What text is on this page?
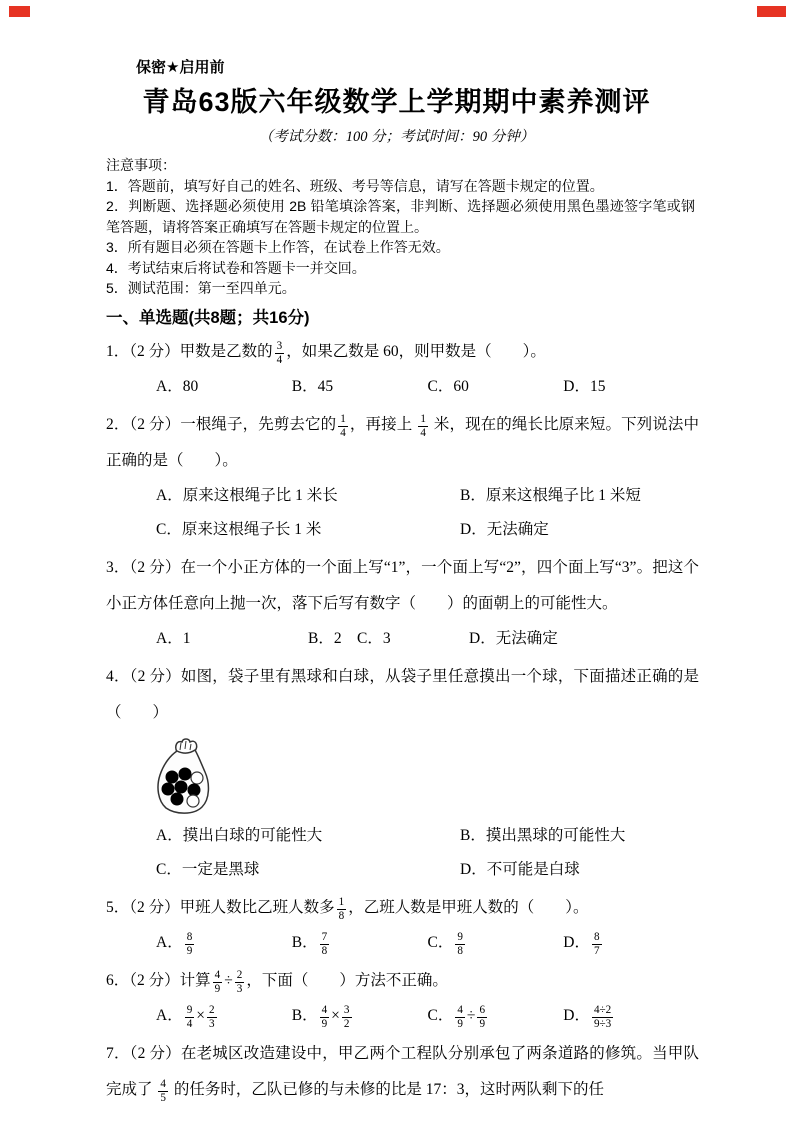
保密★启用前
青岛63版六年级数学上学期期中素养测评
（考试分数：100 分；考试时间：90 分钟）
注意事项：
1．答题前，填写好自己的姓名、班级、考号等信息，请写在答题卡规定的位置。
2．判断题、选择题必须使用 2B 铅笔填涂答案，非判断、选择题必须使用黑色墨迹签字笔或钢笔答题，请将答案正确填写在答题卡规定的位置上。
3．所有题目必须在答题卡上作答，在试卷上作答无效。
4．考试结束后将试卷和答题卡一并交回。
5．测试范围：第一至四单元。
一、单选题(共8题；共16分)
1．（2 分）甲数是乙数的 $\frac{3}{4}$ ，如果乙数是 60，则甲数是（　　）。
A．80	B．45	C．60	D．15
2．（2 分）一根绳子，先剪去它的 $\frac{1}{4}$ ，再接上 $\frac{1}{4}$ 米，现在的绳长比原来短。下列说法中正确的是（　　）。
A．原来这根绳子比 1 米长	B．原来这根绳子比 1 米短
C．原来这根绳子长 1 米	D．无法确定
3．（2 分）在一个小正方体的一个面上写“1”，一个面上写“2”，四个面上写“3”。把这个小正方体任意向上抛一次，落下后写有数字（　　）的面朝上的可能性大。
A．1	B．2 C．3	D．无法确定
4．（2 分）如图，袋子里有黑球和白球，从袋子里任意摸出一个球，下面描述正确的是（　　）
A．摸出白球的可能性大	B．摸出黑球的可能性大
C．一定是黑球	D．不可能是白球
5．（2 分）甲班人数比乙班人数多 $\frac{1}{8}$ ，乙班人数是甲班人数的（　　）。
A． $\frac{8}{9}$	B． $\frac{7}{8}$	C． $\frac{9}{8}$	D． $\frac{8}{7}$
6．（2 分）计算 $\frac{4}{9} \div \frac{2}{3}$ ，下面（　　）方法不正确。
A． $\frac{9}{4} \times \frac{2}{3}$	B． $\frac{4}{9} \times \frac{3}{2}$	C． $\frac{4}{9} \div \frac{6}{9}$	D． $\frac{4\div 2}{9\div 3}$
7．（2 分）在老城区改造建设中，甲乙两个工程队分别承包了两条道路的修筑。当甲队完成了 $\frac{4}{5}$ 的任务时，乙队已修的与未修的比是 17：3，这时两队剩下的任
